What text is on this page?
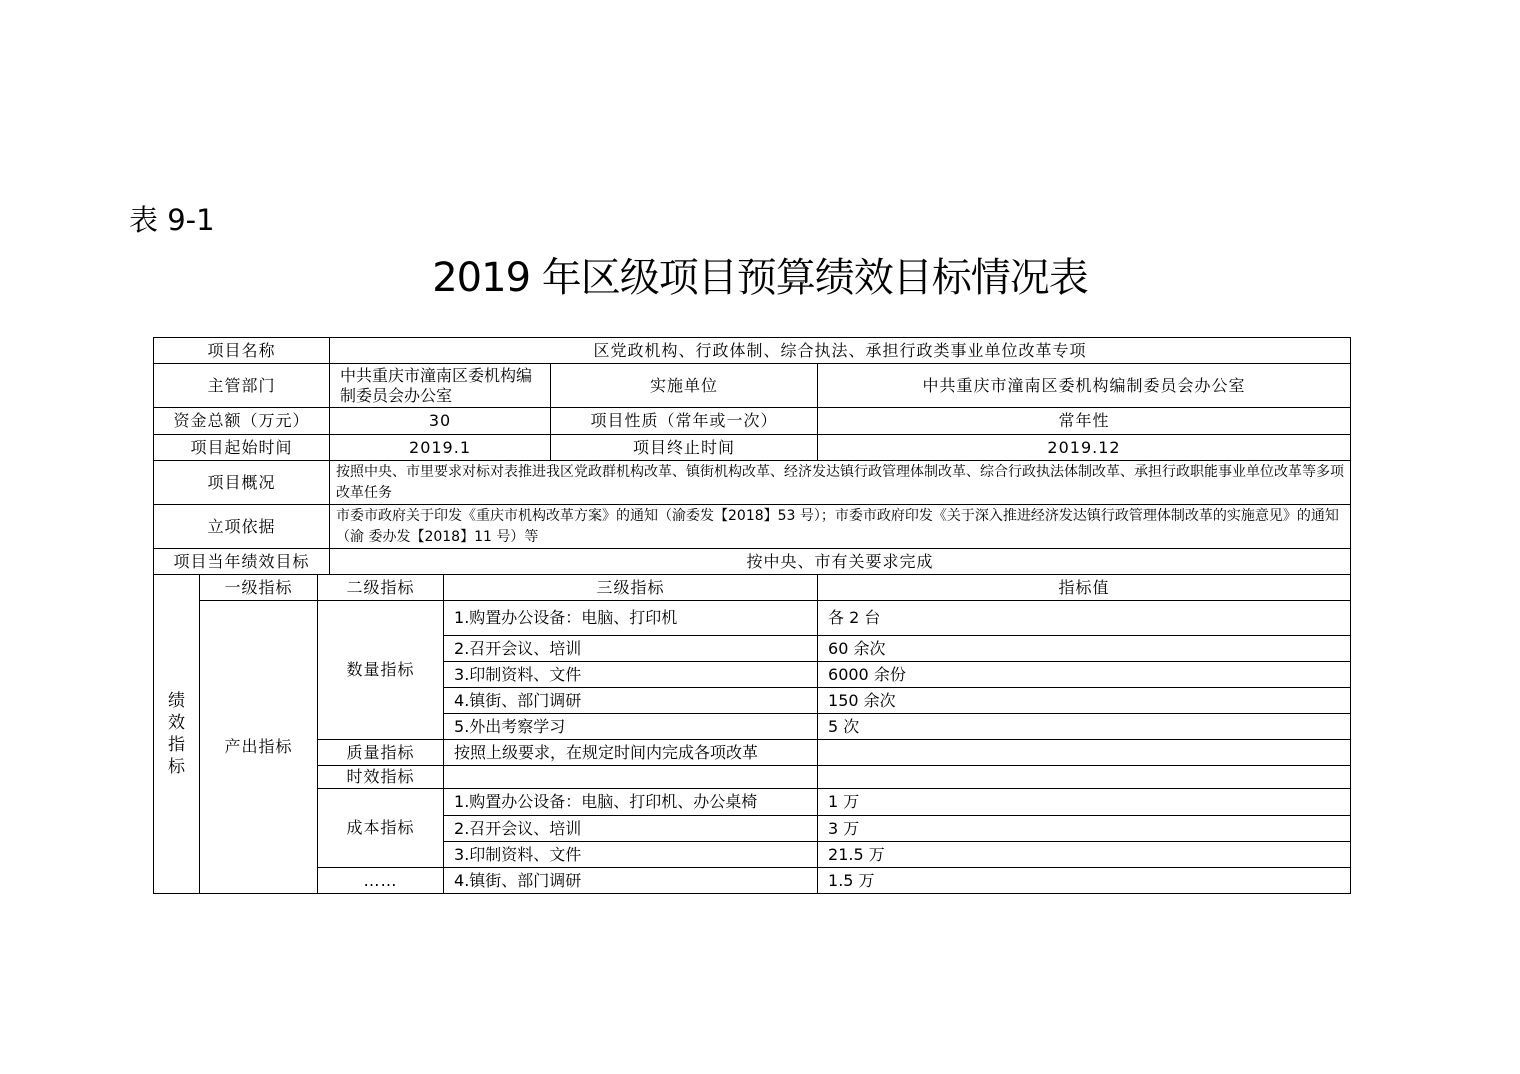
表 9-1
2019 年区级项目预算绩效目标情况表
项目名称			区党政机构、行政体制、综合执法、承担行政类事业单位改革专项			
主管部门			中共重庆市潼南区委机构编制委员会办公室		实施单位	中共重庆市潼南区委机构编制委员会办公室
资金总额（万元）			30		项目性质（常年或一次）	常年性
项目起始时间			2019.1		项目终止时间	2019.12
项目概况			按照中央、市里要求对标对表推进我区党政群机构改革、镇街机构改革、经济发达镇行政管理体制改革、综合行政执法体制改革、承担行政职能事业单位改革等多项改革任务			
立项依据			市委市政府关于印发《重庆市机构改革方案》的通知（渝委发【2018】53 号）；市委市政府印发《关于深入推进经济发达镇行政管理体制改革的实施意见》的通知（渝 委办发【2018】11 号）等			
项目当年绩效目标			按中央、市有关要求完成			

绩
效
指
标	一级指标	二级指标		三级指标		指标值
	产出指标	数量指标		1.购置办公设备：电脑、打印机		各 2 台
				2.召开会议、培训		60 余次
				3.印制资料、文件		6000 余份
				4.镇街、部门调研		150 余次
				5.外出考察学习		5 次
		质量指标		按照上级要求，在规定时间内完成各项改革		
		时效指标				
		成本指标		1.购置办公设备：电脑、打印机、办公桌椅		1 万
				2.召开会议、培训		3 万
				3.印制资料、文件		21.5 万
		……		4.镇街、部门调研		1.5 万
